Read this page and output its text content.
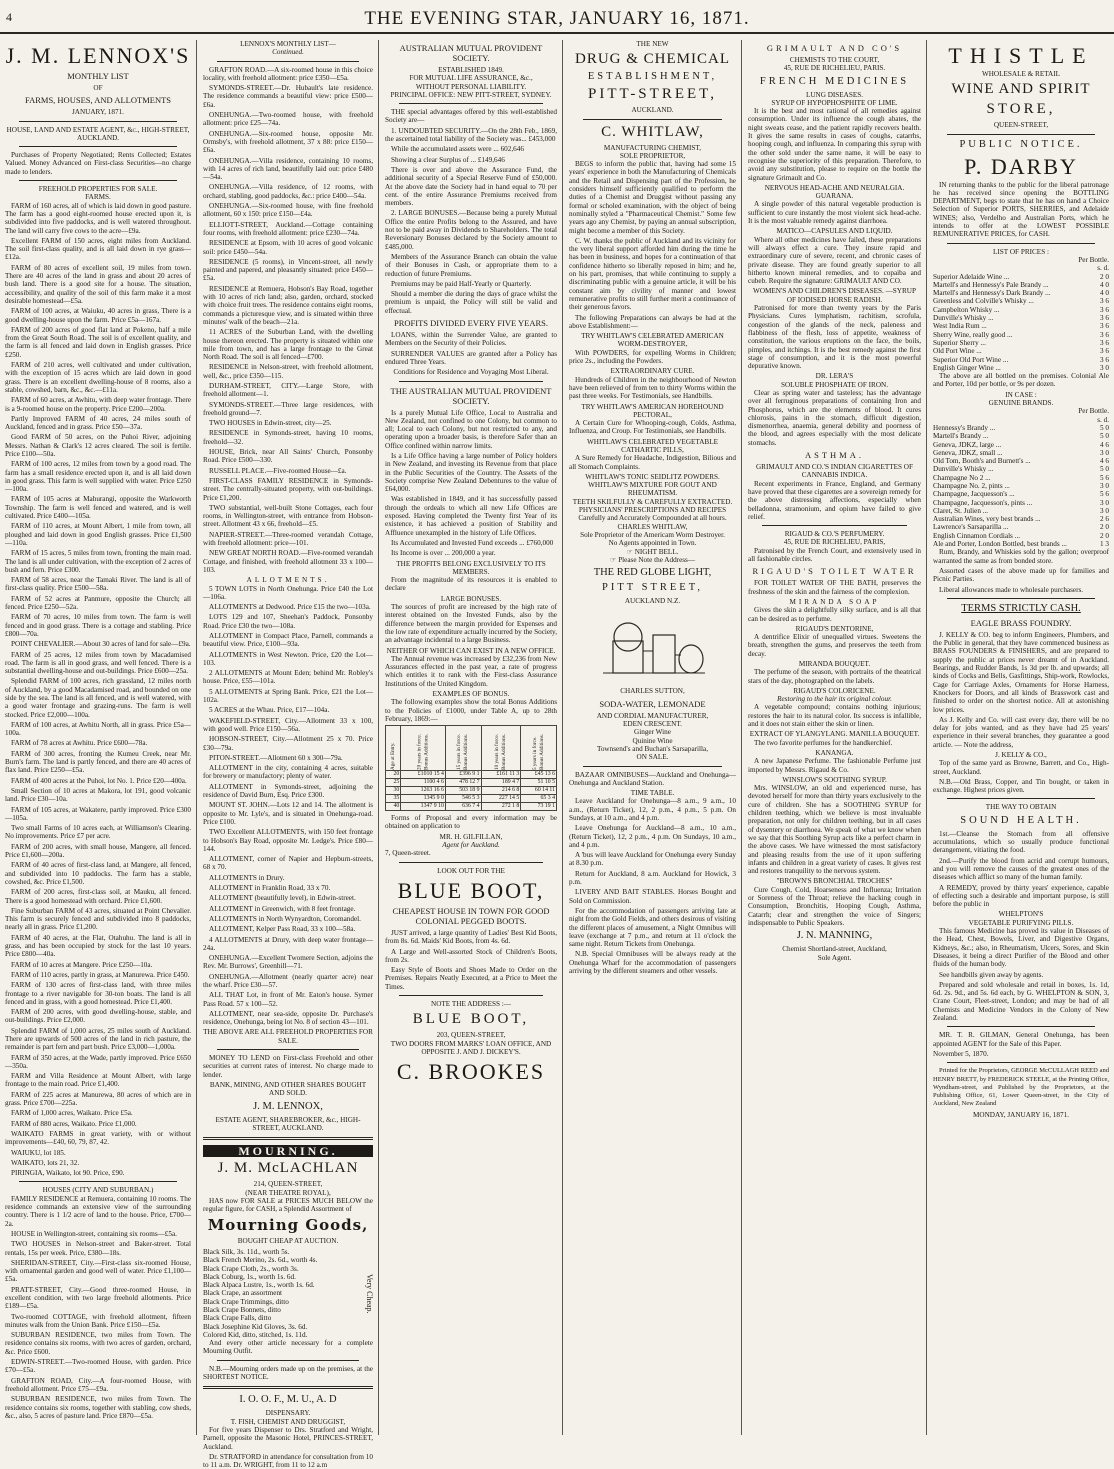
4	THE EVENING STAR, JANUARY 16, 1871.
J. M. LENNOX'S
MONTHLY LIST
OF
FARMS, HOUSES, AND ALLOTMENTS
JANUARY, 1871.
HOUSE, LAND AND ESTATE AGENT, &c., HIGH-STREET, AUCKLAND.

Purchases of Property Negotiated; Rents Collected; Estates Valued. Money Advanced on First-class Securities—no charge made to lenders.

FREEHOLD PROPERTIES FOR SALE.
FARMS.

FARM of 160 acres, all of which is laid down in good pasture. The farm has a good eight-roomed house erected upon it, is subdivided into five paddocks, and is well watered throughout. The land will carry five cows to the acre—£9a.

Excellent FARM of 150 acres, eight miles from Auckland. The soil first-class quality, and is all laid down in rye grass—£12a.

FARM of 80 acres of excellent soil, 19 miles from town. There are 40 acres of the land in grass and about 20 acres of bush land. There is a good site for a house. The situation, accessibility, and quality of the soil of this farm make it a most desirable homestead—£5a.

FARM of 100 acres, at Waiuku, 40 acres in grass, There is a good dwelling-house upon the farm. Price £5a—167a.

FARM of 200 acres of good flat land at Pokeno, half a mile from the Great South Road. The soil is of excellent quality, and the farm is all fenced and laid down in English grasses. Price £250.

FARM of 210 acres, well cultivated and under cultivation, with the exception of 15 acres which are laid down in good grass. There is an excellent dwelling-house of 8 rooms, also a stable, cowshed, barn, &c., &c.—£11a.

FARM of 60 acres, at Awhitu, with deep water frontage. There is a 9-roomed house on the property. Price £200—200a.

Partly Improved FARM of 40 acres, 24 miles south of Auckland, fenced and in grass. Price £50—37a.

Good FARM of 50 acres, on the Puhoi River, adjoining Messrs. Nathan & Clark's 12 acres cleared. The soil is fertile. Price £100—50a.

FARM of 100 acres, 12 miles from town by a good road. The farm has a small residence erected upon it, and is all laid down in good grass. This farm is well supplied with water. Price £250—100a.

FARM of 105 acres at Mahurangi, opposite the Warkworth Township. The farm is well fenced and watered, and is well cultivated. Price £400—105a.

FARM of 110 acres, at Mount Albert, 1 mile from town, all ploughed and laid down in good English grasses. Price £1,500—110a.

FARM of 15 acres, 5 miles from town, fronting the main road. The land is all under cultivation, with the exception of 2 acres of bush and fern. Price £300.

FARM of 58 acres, near the Tamaki River. The land is all of first-class quality. Price £500—58a.

FARM of 52 acres at Panmure, opposite the Church; all fenced. Price £250—52a.

FARM of 70 acres, 10 miles from town. The farm is well fenced and in good grass. There is a cottage and stabling. Price £800—70a.

POINT CHEVALIER.—About 30 acres of land for sale—£9a.

FARM of 25 acres, 12 miles from town by Macadamised road. The farm is all in good grass, and well fenced. There is a substantial dwelling-house and out-buildings. Price £600—25a.

Splendid FARM of 100 acres, rich grassland, 12 miles north of Auckland, by a good Macadamised road, and bounded on one side by the sea. The land is all fenced, and is well watered, with a good water frontage and grazing-runs. The farm is well stocked. Price £2,000—100a.

FARM of 100 acres, at Awhitu North, all in grass. Price £5a—100a.

FARM of 78 acres at Awhitu. Price £600—78a.

FARM of 300 acres, fronting the Kumeu Creek, near Mr. Burn's farm. The land is partly fenced, and there are 40 acres of flax land. Price £250—£5a.

FARM of 400 acres at the Puhoi, lot No. 1. Price £20—400a.

Small Section of 10 acres at Makora, lot 191, good volcanic land. Price £30—10a.

FARM of 105 acres, at Wakatere, partly improved. Price £300—105a.

Two small Farms of 10 acres each, at Williamson's Clearing. No improvements. Price £7 per acre.

FARM of 200 acres, with small house, Mangere, all fenced. Price £1,600—200a.

FARM of 40 acres of first-class land, at Mangere, all fenced, and subdivided into 10 paddocks. The farm has a stable, cowshed, &c. Price £1,500.

FARM of 200 acres, first-class soil, at Mauku, all fenced. There is a good homestead with orchard. Price £1,600.

Fine Suburban FARM of 43 acres, situated at Point Chevalier. This farm is securely fenced and subdivided into 8 paddocks, nearly all in grass. Price £1,200.

FARM of 40 acres, at the Flat, Otahuhu. The land is all in grass, and has been occupied by stock for the last 10 years. Price £800—40a.

FARM of 10 acres at Mangere. Price £250—10a.

FARM of 110 acres, partly in grass, at Manurewa. Price £450.

FARM of 130 acres of first-class land, with three miles frontage to a river navigable for 30-ton boats. The land is all fenced and in grass, with a good homestead. Price £1,400.

FARM of 200 acres, with good dwelling-house, stable, and out-buildings. Price £2,000.

Splendid FARM of 1,000 acres, 25 miles south of Auckland. There are upwards of 500 acres of the land in rich pasture, the remainder is part fern and part bush. Price £3,000—1,000a.

FARM of 350 acres, at the Wade, partly improved. Price £650—350a.

FARM and Villa Residence at Mount Albert, with large frontage to the main road. Price £1,400.

FARM of 225 acres at Manurewa, 80 acres of which are in grass. Price £700—225a.

FARM of 1,000 acres, Waikato. Price £5a.

FARM of 880 acres, Waikato. Price £1,000.

WAIKATO FARMS in great variety, with or without improvements—£40, 60, 79, 87, 42.

WAIUKU, lot 185.

WAIKATO, lots 21, 32.

PIRINGIA, Waikato, lot 90. Price, £90.

HOUSES (CITY AND SUBURBAN.)

FAMILY RESIDENCE at Remuera, containing 10 rooms. The residence commands an extensive view of the surrounding country. There is 1 1/2 acre of land to the house. Price, £700—2a.

HOUSE in Wellington-street, containing six rooms—£5a.

TWO HOUSES in Nelson-street and Baker-street. Total rentals, 15s per week. Price, £380—18s.

SHERIDAN-STREET, City.—First-class six-roomed House, with ornamental garden and good well of water. Price £1,100—£5a.

PRATT-STREET, City.—Good three-roomed House, in excellent condition, with two large freehold allotments. Price £189—£5a.

Two-roomed COTTAGE, with freehold allotment, fifteen minutes walk from the Union Bank. Price £150—£5a.

SUBURBAN RESIDENCE, two miles from Town. The residence contains six rooms, with two acres of garden, orchard, &c. Price £600.

EDWIN-STREET.—Two-roomed House, with garden. Price £70—£5a.

GRAFTON ROAD, City.—A four-roomed House, with freehold allotment. Price £75—£9a.

SUBURBAN RESIDENCE, two miles from Town. The residence contains six rooms, together with stabling, cow sheds, &c., also, 5 acres of pasture land. Price £870—£5a.

LENNOX'S MONTHLY LIST—
Continued.

GRAFTON ROAD.—A six-roomed house in this choice locality, with freehold allotment: price £350—£5a.

SYMONDS-STREET.—Dr. Hubault's late residence. The residence commands a beautiful view: price £500—£6a.

ONEHUNGA.—Two-roomed house, with freehold allotment: price £25—74a.

ONEHUNGA.—Six-roomed house, opposite Mr. Ormsby's, with freehold allotment, 37 x 88: price £150—£6a.

ONEHUNGA.—Villa residence, containing 10 rooms, with 14 acres of rich land, beautifully laid out: price £480—54a.

ONEHUNGA.—Villa residence, of 12 rooms, with orchard, stabling, good paddocks, &c.: price £400—54a.

ONEHUNGA.—Six-roomed house, with fine freehold allotment, 60 x 150: price £150—£4a.

ELLIOTT-STREET, Auckland.—Cottage containing four rooms, with freehold allotment: price £230—74a.

RESIDENCE at Epsom, with 10 acres of good volcanic soil: price £450—54a.

RESIDENCE (5 rooms), in Vincent-street, all newly painted and papered, and pleasantly situated: price £450—£5a.

RESIDENCE at Remuera, Hobson's Bay Road, together with 10 acres of rich land; also, garden, orchard, stocked with choice fruit trees. The residence contains eight rooms, commands a picturesque view, and is situated within three minutes' walk of the beach—21a.

11 ACRES of the Suburban Land, with the dwelling house thereon erected. The property is situated within one mile from town, and has a large frontage to the Great North Road. The soil is all fenced—£700.

RESIDENCE in Nelson-street, with freehold allotment, well, &c., price £350—115.

DURHAM-STREET, CITY.—Large Store, with freehold allotment—1.

SYMONDS-STREET.—Three large residences, with freehold ground—7.

TWO HOUSES in Edwin-street, city—25.

RESIDENCE in Symonds-street, having 10 rooms, freehold—32.

HOUSE, Brick, near All Saints' Church, Ponsonby Road. Price £500—330.

RUSSELL PLACE.—Five-roomed House—£a.

FIRST-CLASS FAMILY RESIDENCE in Symonds-street. The centrally-situated property, with out-buildings. Price £1,200.

TWO substantial, well-built Stone Cottages, each four rooms, in Wellington-street, with entrance from Hobson-street. Allotment 43 x 66, freehold—£5.

NAPIER-STREET.—Three-roomed verandah Cottage, with freehold allotment: price—101.

NEW GREAT NORTH ROAD.—Five-roomed verandah Cottage, and finished, with freehold allotment 33 x 100—103.

ALLOTMENTS.

5 TOWN LOTS in North Onehunga. Price £40 the Lot—106a.

ALLOTMENTS at Dedwood. Price £15 the two—103a.

LOTS 129 and 107, Sheehan's Paddock, Ponsonby Road. Price £30 the two—108a.

ALLOTMENT in Compact Place, Parnell, commands a beautiful view. Price, £100—93a.

ALLOTMENTS in West Newton. Price, £20 the Lot—103.

2 ALLOTMENTS at Mount Eden; behind Mr. Robley's house. Price, £55—101a.

5 ALLOTMENTS at Spring Bank. Price, £21 the Lot—102a.

5 ACRES at the Whau. Price, £17—104a.

WAKEFIELD-STREET, City.—Allotment 33 x 100, with good well. Price £150—56a.

HOBSON-STREET, City.—Allotment 25 x 70. Price £30—79a.

PITON-STREET.—Allotment 60 x 300—79a.

ALLOTMENT in the city, containing 4 acres, suitable for brewery or manufactory; plenty of water.

ALLOTMENT in Symonds-street, adjoining the residence of David Burn, Esq. Price £300.

MOUNT ST. JOHN.—Lots 12 and 14. The allotment is opposite to Mr. Lyle's, and is situated in Onehunga-road. Price £100.

TWO Excellent ALLOTMENTS, with 150 feet frontage to Hobson's Bay Road, opposite Mr. Ledge's. Price £80—144.

ALLOTMENT, corner of Napier and Hepburn-streets, 68 x 70.

ALLOTMENTS in Drury.

ALLOTMENT in Franklin Road, 33 x 70.

ALLOTMENT (beautifully level), in Edwin-street.

ALLOTMENT in Greenwich, with 8 feet frontage.

ALLOTMENTS in North Wynyardton, Coromandel.

ALLOTMENT, Kelper Pass Road, 33 x 100—58a.

4 ALLOTMENTS at Drury, with deep water frontage—24a.

ONEHUNGA.—Excellent Twomere Section, adjoins the Rev. Mr. Burrows', Greenhill—71.

ONEHUNGA.—Allotment (nearly quarter acre) near the wharf. Price £30—57.

ALL THAT Lot, in front of Mr. Eaton's house. Symer Pass Road. 57 x 100—52.

ALLOTMENT, near sea-side, opposite Dr. Purchase's residence, Onehunga, being lot No. 8 of section 43—101.

THE ABOVE ARE ALL FREEHOLD PROPERTIES FOR SALE.

MONEY TO LEND on First-class Freehold and other securities at current rates of interest. No charge made to lender.

BANK, MINING, AND OTHER SHARES BOUGHT AND SOLD.
J. M. LENNOX,
ESTATE AGENT, SHAREBROKER, &c., HIGH-STREET, AUCKLAND.
MOURNING.
J. M. McLACHLAN
214, QUEEN-STREET,
(NEAR THEATRE ROYAL),

HAS now FOR SALE at PRICES MUCH BELOW the regular figure, for CASH, a Splendid Assortment of

Mourning Goods,
BOUGHT CHEAP AT AUCTION.
Black Silk, 3s. 11d., worth 5s.
Black French Merino, 2s. 6d., worth 4s.
Black Crape Cloth, 2s., worth 3s.
Black Coburg, 1s., worth 1s. 6d.
Black Alpaca Lustre, 1s., worth 1s. 6d.
Black Crape, an assortment
Black Crape Trimmings, ditto
Black Crape Bonnets, ditto
Black Crape Falls, ditto
Black Josephine Kid Gloves, 3s. 6d.
Colored Kid, ditto, stitched, 1s. 11d.
Very Cheap.

And every other article necessary for a complete Mourning Outfit.

N.B.—Mourning orders made up on the premises, at the SHORTEST NOTICE.

I. O. O. F., M. U., A. D
DISPENSARY.
T. FISH, CHEMIST AND DRUGGIST,

For five years Dispenser to Drs. Stratford and Wright, Parnell, opposite the Masonic Hotel, PRINCES-STREET, Auckland.

Dr. STRATFORD in attendance for consultation from 10 to 11 a.m. Dr. WRIGHT, from 11 to 12 a.m

AUSTRALIAN MUTUAL PROVIDENT SOCIETY.
ESTABLISHED 1849.
FOR MUTUAL LIFE ASSURANCE, &c.,
WITHOUT PERSONAL LIABILITY.
PRINCIPAL OFFICE: NEW PITT-STREET, SYDNEY.

THE special advantages offered by this well-established Society are—

1. UNDOUBTED SECURITY.—On the 28th Feb., 1869, the ascertained total liability of the Society was... £453,000

While the accumulated assets were ... 602,646

Showing a clear Surplus of ... £149,646

There is over and above the Assurance Fund, the additional security of a Special Reserve Fund of £50,000. At the above date the Society had in hand equal to 70 per cent. of the entire Assurance Premiums received from members.

2. LARGE BONUSES.—Because being a purely Mutual Office the entire Profits belong to the Assured, and have not to be paid away in Dividends to Shareholders. The total Reversionary Bonuses declared by the Society amount to £485,000.

Members of the Assurance Branch can obtain the value of their Bonuses in Cash, or appropriate them to a reduction of future Premiums.

Premiums may be paid Half-Yearly or Quarterly.

Should a member die during the days of grace whilst the premium is unpaid, the Policy will still be valid and effectual.

PROFITS DIVIDED EVERY FIVE YEARS.

LOANS, within the Surrender Value, are granted to Members on the Security of their Policies.

SURRENDER VALUES are granted after a Policy has endured Three Years.

Conditions for Residence and Voyaging Most Liberal.
THE AUSTRALIAN MUTUAL PROVIDENT SOCIETY.

Is a purely Mutual Life Office, Local to Australia and New Zealand, not confined to one Colony, but common to all; Local to each Colony, but not restricted to any, and operating upon a broader basis, is therefore Safer than an Office confined within narrow limits.

Is a Life Office having a large number of Policy holders in New Zealand, and investing its Revenue from that place in the Public Securities of the Country. The Assets of the Society comprise New Zealand Debentures to the value of £64,000.

Was established in 1849, and it has successfully passed through the ordeals to which all new Life Offices are exposed. Having completed the Twenty first Year of its existence, it has achieved a position of Stability and Affluence unexampled in the history of Life Offices.

Its Accumulated and Invested Fund exceeds ... £760,000

Its Income is over ... 200,000 a year.

THE PROFITS BELONG EXCLUSIVELY TO ITS MEMBERS.

From the magnitude of its resources it is enabled to declare

LARGE BONUSES.

The sources of profit are increased by the high rate of interest obtained on the Invested Funds, also by the difference between the margin provided for Expenses and the low rate of expenditure actually incurred by the Society, an advantage incidental to a large Business.

NEITHER OF WHICH CAN EXIST IN A NEW OFFICE.

The Annual revenue was increased by £32,236 from New Assurances effected in the past year, a rate of progress which entitles it to rank with the First-class Assurance Institutions of the United Kingdom.

EXAMPLES OF BONUS.

The following examples show the total Bonus Additions to the Policies of £1000, under Table A, up to 28th February, 1869:—

Age at Entry.	20 years in force. Bonus Additions.	15 years in force. Bonus Additions.	10 years in force. Bonus Additions.	5 years in force. Bonus Additions.
20	£1010 15 4	£396 9 1	£161 11 3	£45 13 6
25	1100 4 6	478 12 7	189 4 7	51 10 5
30	1263 16 6	503 18 9	214 6 8	60 14 11
35	1345 9 0	546 5 3	227 14 5	65 3 4
40	1347 9 10	636 7 4	272 1 8	73 19 1

Forms of Proposal and every information may be obtained on application to

MR. H. GILFILLAN,
Agent for Auckland.
7, Queen-street.
LOOK OUT FOR THE
BLUE BOOT,
CHEAPEST HOUSE IN TOWN FOR GOOD COLONIAL PEGGED BOOTS.

JUST arrived, a large quantity of Ladies' Best Kid Boots, from 8s. 6d. Maids' Kid Boots, from 4s. 6d.

A Large and Well-assorted Stock of Children's Boots, from 2s.

Easy Style of Boots and Shoes Made to Order on the Premises. Repairs Neatly Executed, at a Price to Meet the Times.

NOTE THE ADDRESS :—
BLUE BOOT,
203, QUEEN-STREET,
TWO DOORS FROM MARKS' LOAN OFFICE, AND OPPOSITE J. AND J. DICKEY'S.
C. BROOKES
THE NEW
DRUG & CHEMICAL
ESTABLISHMENT,
PITT-STREET,
AUCKLAND.
C. WHITLAW,
MANUFACTURING CHEMIST,
SOLE PROPRIETOR,

BEGS to inform the public that, having had some 15 years' experience in both the Manufacturing of Chemicals and the Retail and Dispensing part of the Profession, he considers himself sufficiently qualified to perform the duties of a Chemist and Druggist without passing any formal or scholed examination, with the object of being nominally styled a "Pharmaceutical Chemist." Some few years ago any Chemist, by paying an annual subscription, might become a member of this Society.

C. W. thanks the public of Auckland and its vicinity for the very liberal support afforded him during the time he has been in business, and hopes for a continuation of that confidence hitherto so liberally reposed in him; and he, on his part, promises, that while continuing to supply a discriminating public with a genuine article, it will be his constant aim by civility of manner and lowest remunerative profits to still further merit a continuance of their generous favors.

The following Preparations can always be had at the above Establishment:—

TRY WHITLAW'S CELEBRATED AMERICAN WORM-DESTROYER,

With POWDERS, for expelling Worms in Children; price 2s., including the Powders.

EXTRAORDINARY CURE.

Hundreds of Children in the neighbourhood of Newton have been relieved of from ten to thirty Worms within the past three weeks. For Testimonials, see Handbills.

TRY WHITLAW'S AMERICAN HOREHOUND PECTORAL,

A Certain Cure for Whooping-cough, Colds, Asthma, Influenza, and Croup. For Testimonials, see Handbills.

WHITLAW'S CELEBRATED VEGETABLE CATHARTIC PILLS,

A Sure Remedy for Headache, Indigestion, Bilious and all Stomach Complaints.

WHITLAW'S TONIC SEIDLITZ POWDERS.
WHITLAW'S MIXTURE FOR GOUT AND RHEUMATISM.
TEETH SKILFULLY & CAREFULLY EXTRACTED.
PHYSICIANS' PRESCRIPTIONS AND RECIPES
Carefully and Accurately Compounded at all hours.
CHARLES WHITLAW,
Sole Proprietor of the Americam Worm Destroyer.
No Agents appointed in Town.
☞ NIGHT BELL.
☞ Please Note the Address—
THE RED GLOBE LIGHT,
PITT STREET,
AUCKLAND N.Z.
CHARLES SUTTON,
SODA-WATER, LEMONADE
AND CORDIAL MANUFACTURER,
EDEN CRESCENT.
Ginger Wine
Quinine Wine
Townsend's and Buchan's Sarsaparilla,
ON SALE.

BAZAAR OMNIBUSES—Auckland and Onehunga—Onehunga and Auckland Station.

TIME TABLE.

Leave Auckland for Onehunga—8 a.m., 9 a.m., 10 a.m., (Return Ticket), 12, 2 p.m., 4 p.m., 5 p.m. On Sundays, at 10 a.m., and 4 p.m.

Leave Onehunga for Auckland—8 a.m., 10 a.m., (Return Ticket), 12, 2 p.m., 4 p.m. On Sundays, 10 a.m., and 4 p.m.

A 'bus will leave Auckland for Onehunga every Sunday at 8.30 p.m.

Return for Auckland, 8 a.m. Auckland for Howick, 3 p.m.

LIVERY AND BAIT STABLES. Horses Bought and Sold on Commission.

For the accommodation of passengers arriving late at night from the Gold Fields, and others desirous of visiting the different places of amusement, a Night Omnibus will leave (exchange at 7 p.m., and return at 11 o'clock the same night. Return Tickets from Onehunga.

N.B. Special Omnibuses will be always ready at the Onehunga Wharf for the accommodation of passengers arriving by the different steamers and other vessels.

GRIMAULT AND CO'S
CHEMISTS TO THE COURT,
45, RUE DE RICHELIEU, PARIS.
FRENCH MEDICINES
LUNG DISEASES.
SYRUP OF HYPOPHOSPHITE OF LIME.

It is the best and most rational of all remedies against consumption. Under its influence the cough abates, the night sweats cease, and the patient rapidly recovers health. It gives the same results in cases of coughs, catarrhs, hooping cough, and influenza. In comparing this syrup with the other sold under the same name, it will be easy to recognise the superiority of this preparation. Therefore, to avoid any substitution, please to require on the bottle the signature Grimault and Co.

NERVOUS HEAD-ACHE AND NEURALGIA.
GUARANA.

A single powder of this natural vegetable production is sufficient to cure instantly the most violent sick head-ache. It is the most valuable remedy against diarrhoea.

MATICO—CAPSULES AND LIQUID.

Where all other medicines have failed, these preparations will always effect a cure. They insure rapid and extraordinary cure of severe, recent, and chronic cases of private disease. They are found greatly superior to all hitherto known mineral remedies, and to copaiba and cubeb. Require the signature: GRIMAULT AND CO.

WOMEN'S AND CHILDREN'S DISEASES. —SYRUP OF IODISED HORSE RADISH.

Patronised for more than twenty years by the Paris Physicians. Cures lymphatism, rachitism, scrofula, congestion of the glands of the neck, paleness and flabbiness of the flesh, loss of appetite, weakness of constitution, the various eruptions on the face, the boils, pimples, and itchings. It is the best remedy against the first stage of consumption, and it is the most powerful depurative known.

DR. LERA'S
SOLUBLE PHOSPHATE OF IRON.

Clear as spring water and tasteless; has the advantage over all ferruginous preparations of containing Iron and Phosphorus, which are the elements of blood. It cures chlorosis, pains in the stomach, difficult digestion, dismenorrhea, anaemia, general debility and poorness of the blood, and agrees especially with the most delicate stomachs.

ASTHMA.
GRIMAULT AND CO.'S INDIAN CIGARETTES OF CANNABIS INDICA.

Recent experiments in France, England, and Germany have proved that these cigarettes are a sovereign remedy for the above distressing affections, especially when belladonna, stramonium, and opium have failed to give relief.

RIGAUD & CO.'S PERFUMERY.
45, RUE DE RICHELIEU, PARIS,

Patronised by the French Court, and extensively used in all fashionable circles.

RIGAUD'S TOILET WATER

FOR TOILET WATER OF THE BATH, preserves the freshness of the skin and the fairness of the complexion.

MIRANDA SOAP

Gives the skin a delightfully silky surface, and is all that can be desired as to perfume.

RIGAUD'S DENTORINE,

A dentrifice Elixir of unequalled virtues. Sweetens the breath, strengthen the gums, and preserves the teeth from decay.

MIRANDA BOUQUET.

The perfume of the season, with portraits of the theatrical stars of the day, photographed on the labels.

RIGAUD'S COLORICENE.
Restoring to the hair its original colour.

A vegetable compound; contains nothing injurious; restores the hair to its natural color. Its success is infallible, and it does not stain either the skin or linen.

EXTRACT OF YLANGYLANG. MANILLA BOUQUET.

The two favorite perfumes for the handkerchief.

KANANGA.

A new Japanese Perfume. The fashionable Perfume just imported by Messrs. Rigaud & Co.

WINSLOW'S SOOTHING SYRUP.

Mrs. WINSLOW, an old and experienced nurse, has devoted herself for more than thirty years exclusively to the cure of children. She has a SOOTHING SYRUP for children teething, which we believe is most invaluable preparation, not only for children teething, but in all cases of dysentery or diarrhoea. We speak of what we know when we say that this Soothing Syrup acts like a perfect charm in the above cases. We have witnessed the most satisfactory and pleasing results from the use of it upon suffering infants and children in a great variety of cases. It gives rest and restores tranquility to the nervous system.

"BROWN'S BRONCHIAL TROCHES"

Cure Cough, Cold, Hoarseness and Influenza; Irritation or Soreness of the Throat; relieve the hacking cough in Consumption, Bronchitis, Hooping Cough, Asthma, Catarrh; clear and strengthen the voice of Singers; indispensable to Public Speakers.

J. N. MANNING,
Chemist Shortland-street, Auckland,
Sole Agent.
THISTLE
WHOLESALE & RETAIL
WINE AND SPIRIT
STORE,
QUEEN-STREET,
PUBLIC NOTICE.
P. DARBY

IN returning thanks to the public for the liberal patronage he has received since opening the BOTTLING DEPARTMENT, begs to state that he has on hand a Choice Selection of Superior PORTS, SHERRIES, and Adelaide WINES; also, Verdelho and Australian Ports, which he intends to offer at the LOWEST POSSIBLE REMUNERATIVE PRICES, for CASH.

LIST OF PRICES :
Per Bottle.
s. d.
Superior Adelaide Wine ...	2 0
Martell's and Hennessy's Pale Brandy ...	4 0
Martell's and Hennessy's Dark Brandy ...	4 0
Greenless and Colville's Whisky ...	3 6
Campbelton Whisky ...	3 6
Dunville's Whisky ...	3 6
West India Rum ...	3 6
Sherry Wine, really good ...	3 6
Superior Sherry ...	3 6
Old Port Wine ...	3 6
Superior Old Port Wine ...	3 6
English Ginger Wine ...	3 0

The above are all bottled on the premises. Colonial Ale and Porter, 10d per bottle, or 9s per dozen.

IN CASE :
GENUINE BRANDS.
Per Bottle.
s. d.
Hennessy's Brandy ...	5 0
Martell's Brandy ...	5 0
Geneva, JDKZ, large ...	4 6
Geneva, JDKZ, small ...	3 0
Old Tom, Booth's and Burnett's ...	4 6
Dunville's Whisky ...	5 0
Champagne No 2 ...	5 6
Champagne No. 2, pints ...	3 0
Champagne, Jacquesson's ...	5 6
Champagne, Jacquesson's, pints ...	3 0
Claret, St. Julien ...	3 0
Australian Wines, very best brands ...	2 6
Lawrence's Sarsaparilla ...	2 0
English Cinnamon Cordials ...	2 0
Ale and Porter, London Bottled, best brands ...	1 3

Rum, Brandy, and Whiskies sold by the gallon; overproof warranted the same as from bonded store.

Assorted cases of the above made up for families and Picnic Parties.

Liberal allowances made to wholesale purchasers.

TERMS STRICTLY CASH.
EAGLE BRASS FOUNDRY.

J. KELLY & CO. beg to inform Engineers, Plumbers, and the Public in general, that they have commenced business as BRASS FOUNDERS & FINISHERS, and are prepared to supply the public at prices never dreamt of in Auckland. Bearings, and Rudder Bands, 1s 3d per lb. and upwards; all kinds of Cocks and Bells, Gasfittings, Ship-work, Rowlocks, Cage for Carriage Axles, Ornaments for Horse Harness, Knockers for Doors, and all kinds of Brasswork cast and finished to order on the shortest notice. All at astonishing low prices.

As J. Kelly and Co. will cast every day, there will be no delay for jobs wanted, and as they have had 25 years' experience in their several branches, they guarantee a good article. — Note the address,

J. KELLY & CO.,

Top of the same yard as Browne, Barrett, and Co., High-street, Auckland.

N.B.—Old Brass, Copper, and Tin bought, or taken in exchange. Highest prices given.

THE WAY TO OBTAIN
SOUND HEALTH.

1st.—Cleanse the Stomach from all offensive accumulations, which so usually produce functional derangement, vitiating the food.

2nd.—Purify the blood from acrid and corrupt humours, and you will remove the causes of the greatest ones of the diseases which afflict so many of the human family.

A REMEDY, proved by thirty years' experience, capable of effecting such a desirable and important purpose, is still before the public in

WHELPTON'S
VEGETABLE PURIFYING PILLS.

This famous Medicine has proved its value in Diseases of the Head, Chest, Bowels, Liver, and Digestive Organs, Kidneys, &c.; also, in Rheumatism, Ulcers, Sores, and Skin Diseases, it being a direct Purifier of the Blood and other fluids of the human body.

See handbills given away by agents.

Prepared and sold wholesale and retail in boxes, 1s. 1d, 6d. 2s. 9d., and 5s. 6d each, by G. WHELPTON & SON, 3, Crane Court, Fleet-street, London; and may be had of all Chemists and Medicine Vendors in the Colony of New Zealand.

MR. T. R. GILMAN, General Onehunga, has been appointed AGENT for the Sale of this Paper.

November 5, 1870.

Printed for the Proprietors, GEORGE McCULLAGH REED and HENRY BRETT, by FREDERICK STEELE, at the Printing Office, Wyndham-street, and Published by the Proprietors, at the Publishing Office, 61, Lower Queen-street, in the City of Auckland, New Zealand

MONDAY, JANUARY 16, 1871.
